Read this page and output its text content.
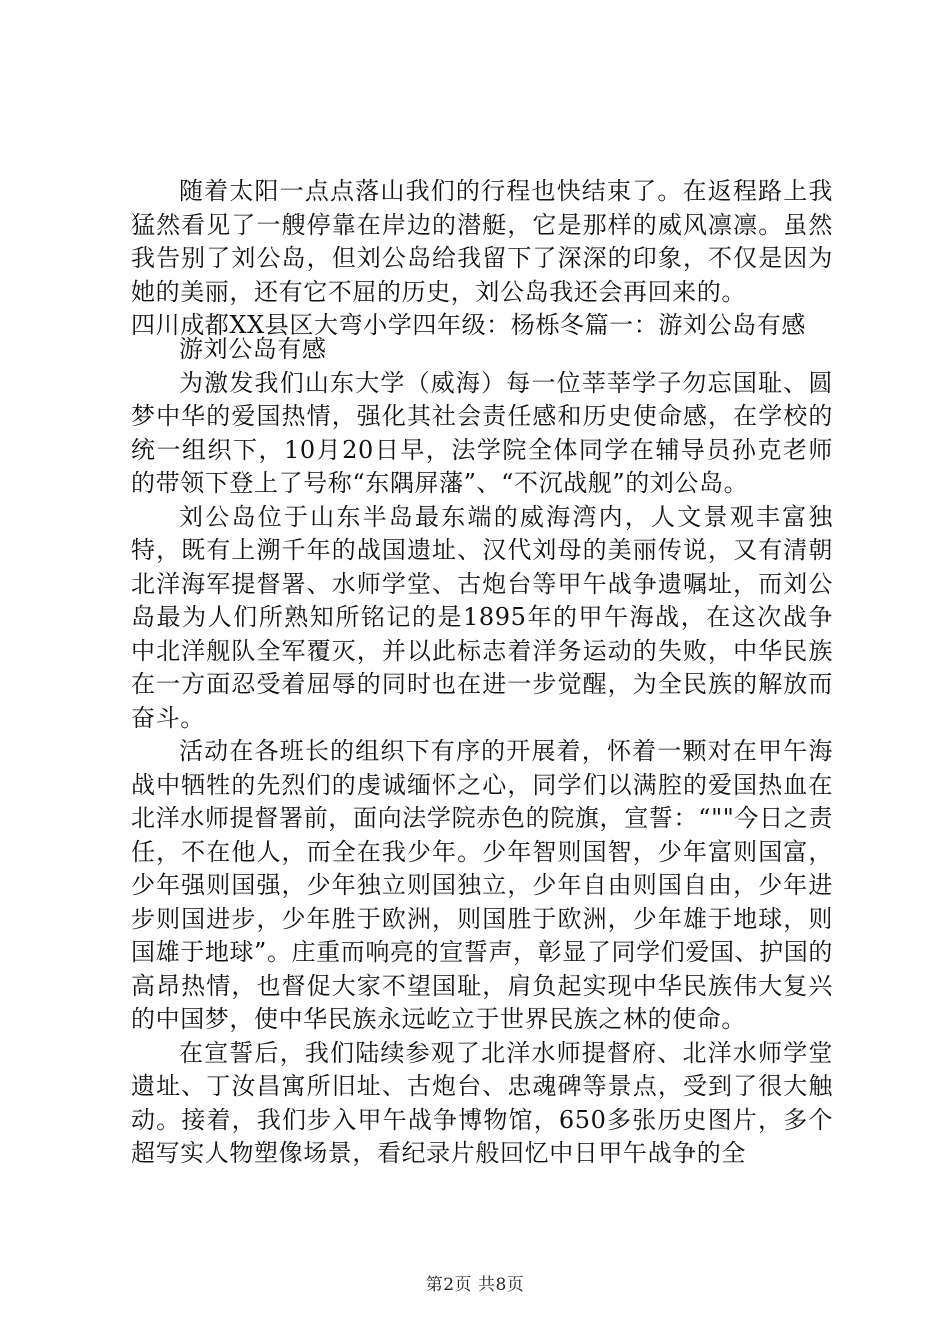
随着太阳一点点落山我们的行程也快结束了。在返程路上我猛然看见了一艘停靠在岸边的潜艇，它是那样的威风凛凛。虽然我告别了刘公岛，但刘公岛给我留下了深深的印象，不仅是因为她的美丽，还有它不屈的历史，刘公岛我还会再回来的。

四川成都XX县区大弯小学四年级：杨栎冬篇一：游刘公岛有感

游刘公岛有感

为激发我们山东大学（威海）每一位莘莘学子勿忘国耻、圆梦中华的爱国热情，强化其社会责任感和历史使命感，在学校的统一组织下，10月20日早，法学院全体同学在辅导员孙克老师的带领下登上了号称“东隅屏藩”、“不沉战舰”的刘公岛。

刘公岛位于山东半岛最东端的威海湾内，人文景观丰富独特，既有上溯千年的战国遗址、汉代刘母的美丽传说，又有清朝北洋海军提督署、水师学堂、古炮台等甲午战争遗嘱址，而刘公岛最为人们所熟知所铭记的是1895年的甲午海战，在这次战争中北洋舰队全军覆灭，并以此标志着洋务运动的失败，中华民族在一方面忍受着屈辱的同时也在进一步觉醒，为全民族的解放而奋斗。

活动在各班长的组织下有序的开展着，怀着一颗对在甲午海战中牺牲的先烈们的虔诚缅怀之心，同学们以满腔的爱国热血在北洋水师提督署前，面向法学院赤色的院旗，宣誓：“""今日之责任，不在他人，而全在我少年。少年智则国智，少年富则国富，少年强则国强，少年独立则国独立，少年自由则国自由，少年进步则国进步，少年胜于欧洲，则国胜于欧洲，少年雄于地球，则国雄于地球”。庄重而响亮的宣誓声，彰显了同学们爱国、护国的高昂热情，也督促大家不望国耻，肩负起实现中华民族伟大复兴的中国梦，使中华民族永远屹立于世界民族之林的使命。

在宣誓后，我们陆续参观了北洋水师提督府、北洋水师学堂遗址、丁汝昌寓所旧址、古炮台、忠魂碑等景点，受到了很大触动。接着，我们步入甲午战争博物馆，650多张历史图片，多个超写实人物塑像场景，看纪录片般回忆中日甲午战争的全

第2页 共8页
